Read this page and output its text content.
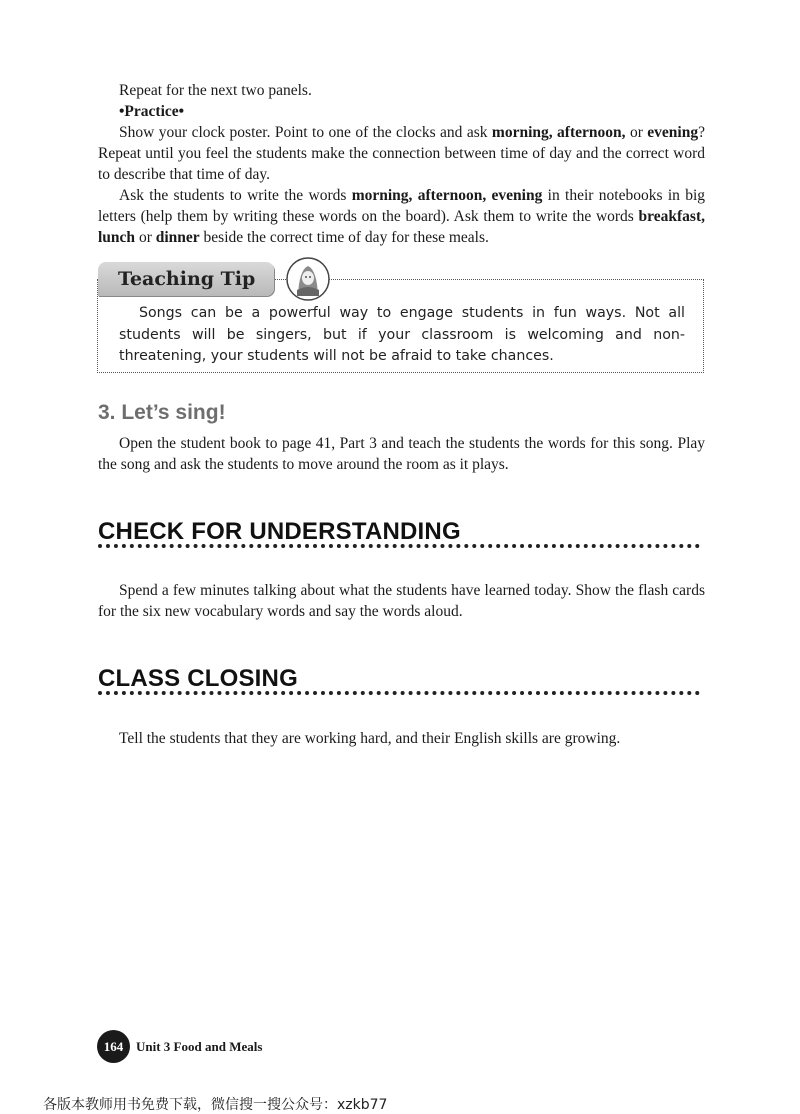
Repeat for the next two panels.
•Practice•
Show your clock poster. Point to one of the clocks and ask morning, afternoon, or evening? Repeat until you feel the students make the connection between time of day and the correct word to describe that time of day.
Ask the students to write the words morning, afternoon, evening in their notebooks in big letters (help them by writing these words on the board). Ask them to write the words breakfast, lunch or dinner beside the correct time of day for these meals.
Teaching Tip
Songs can be a powerful way to engage students in fun ways. Not all students will be singers, but if your classroom is welcoming and non-threatening, your students will not be afraid to take chances.
3. Let’s sing!
Open the student book to page 41, Part 3 and teach the students the words for this song. Play the song and ask the students to move around the room as it plays.
CHECK FOR UNDERSTANDING
Spend a few minutes talking about what the students have learned today. Show the flash cards for the six new vocabulary words and say the words aloud.
CLASS CLOSING
Tell the students that they are working hard, and their English skills are growing.
164 Unit 3 Food and Meals
各版本教师用书免费下载，微信搜一搜公众号：xzkb77
